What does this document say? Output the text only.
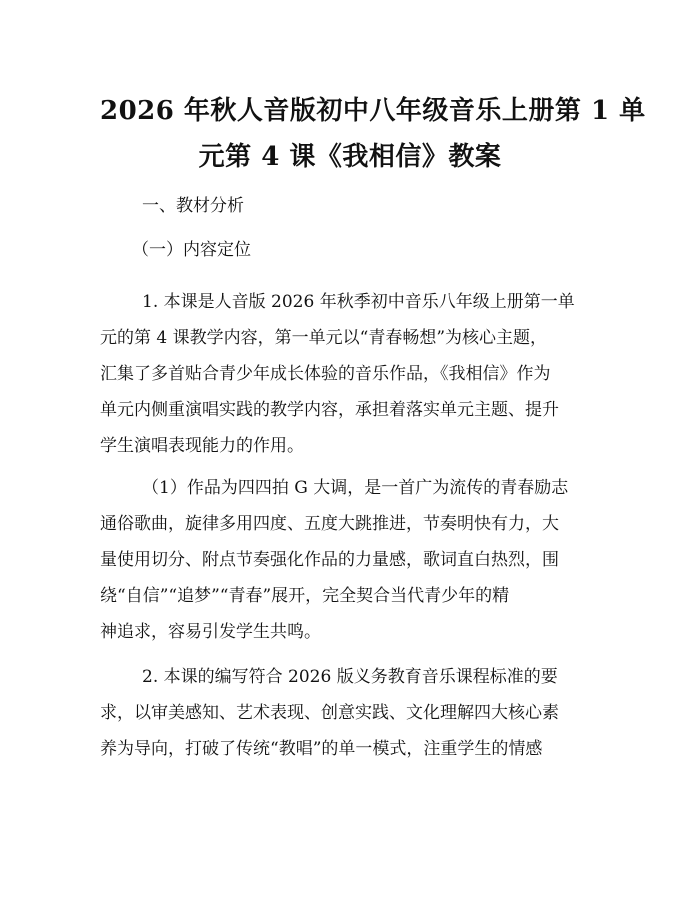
2026 年秋人音版初中八年级音乐上册第 1 单
元第 4 课《我相信》教案
一、教材分析
（一）内容定位
1. 本课是人音版 2026 年秋季初中音乐八年级上册第一单
元的第 4 课教学内容，第一单元以“青春畅想”为核心主题，
汇集了多首贴合青少年成长体验的音乐作品，《我相信》作为
单元内侧重演唱实践的教学内容，承担着落实单元主题、提升
学生演唱表现能力的作用。
（1）作品为四四拍 G 大调，是一首广为流传的青春励志
通俗歌曲，旋律多用四度、五度大跳推进，节奏明快有力，大
量使用切分、附点节奏强化作品的力量感，歌词直白热烈，围
绕“自信”“追梦”“青春”展开，完全契合当代青少年的精
神追求，容易引发学生共鸣。
2. 本课的编写符合 2026 版义务教育音乐课程标准的要
求，以审美感知、艺术表现、创意实践、文化理解四大核心素
养为导向，打破了传统“教唱”的单一模式，注重学生的情感
